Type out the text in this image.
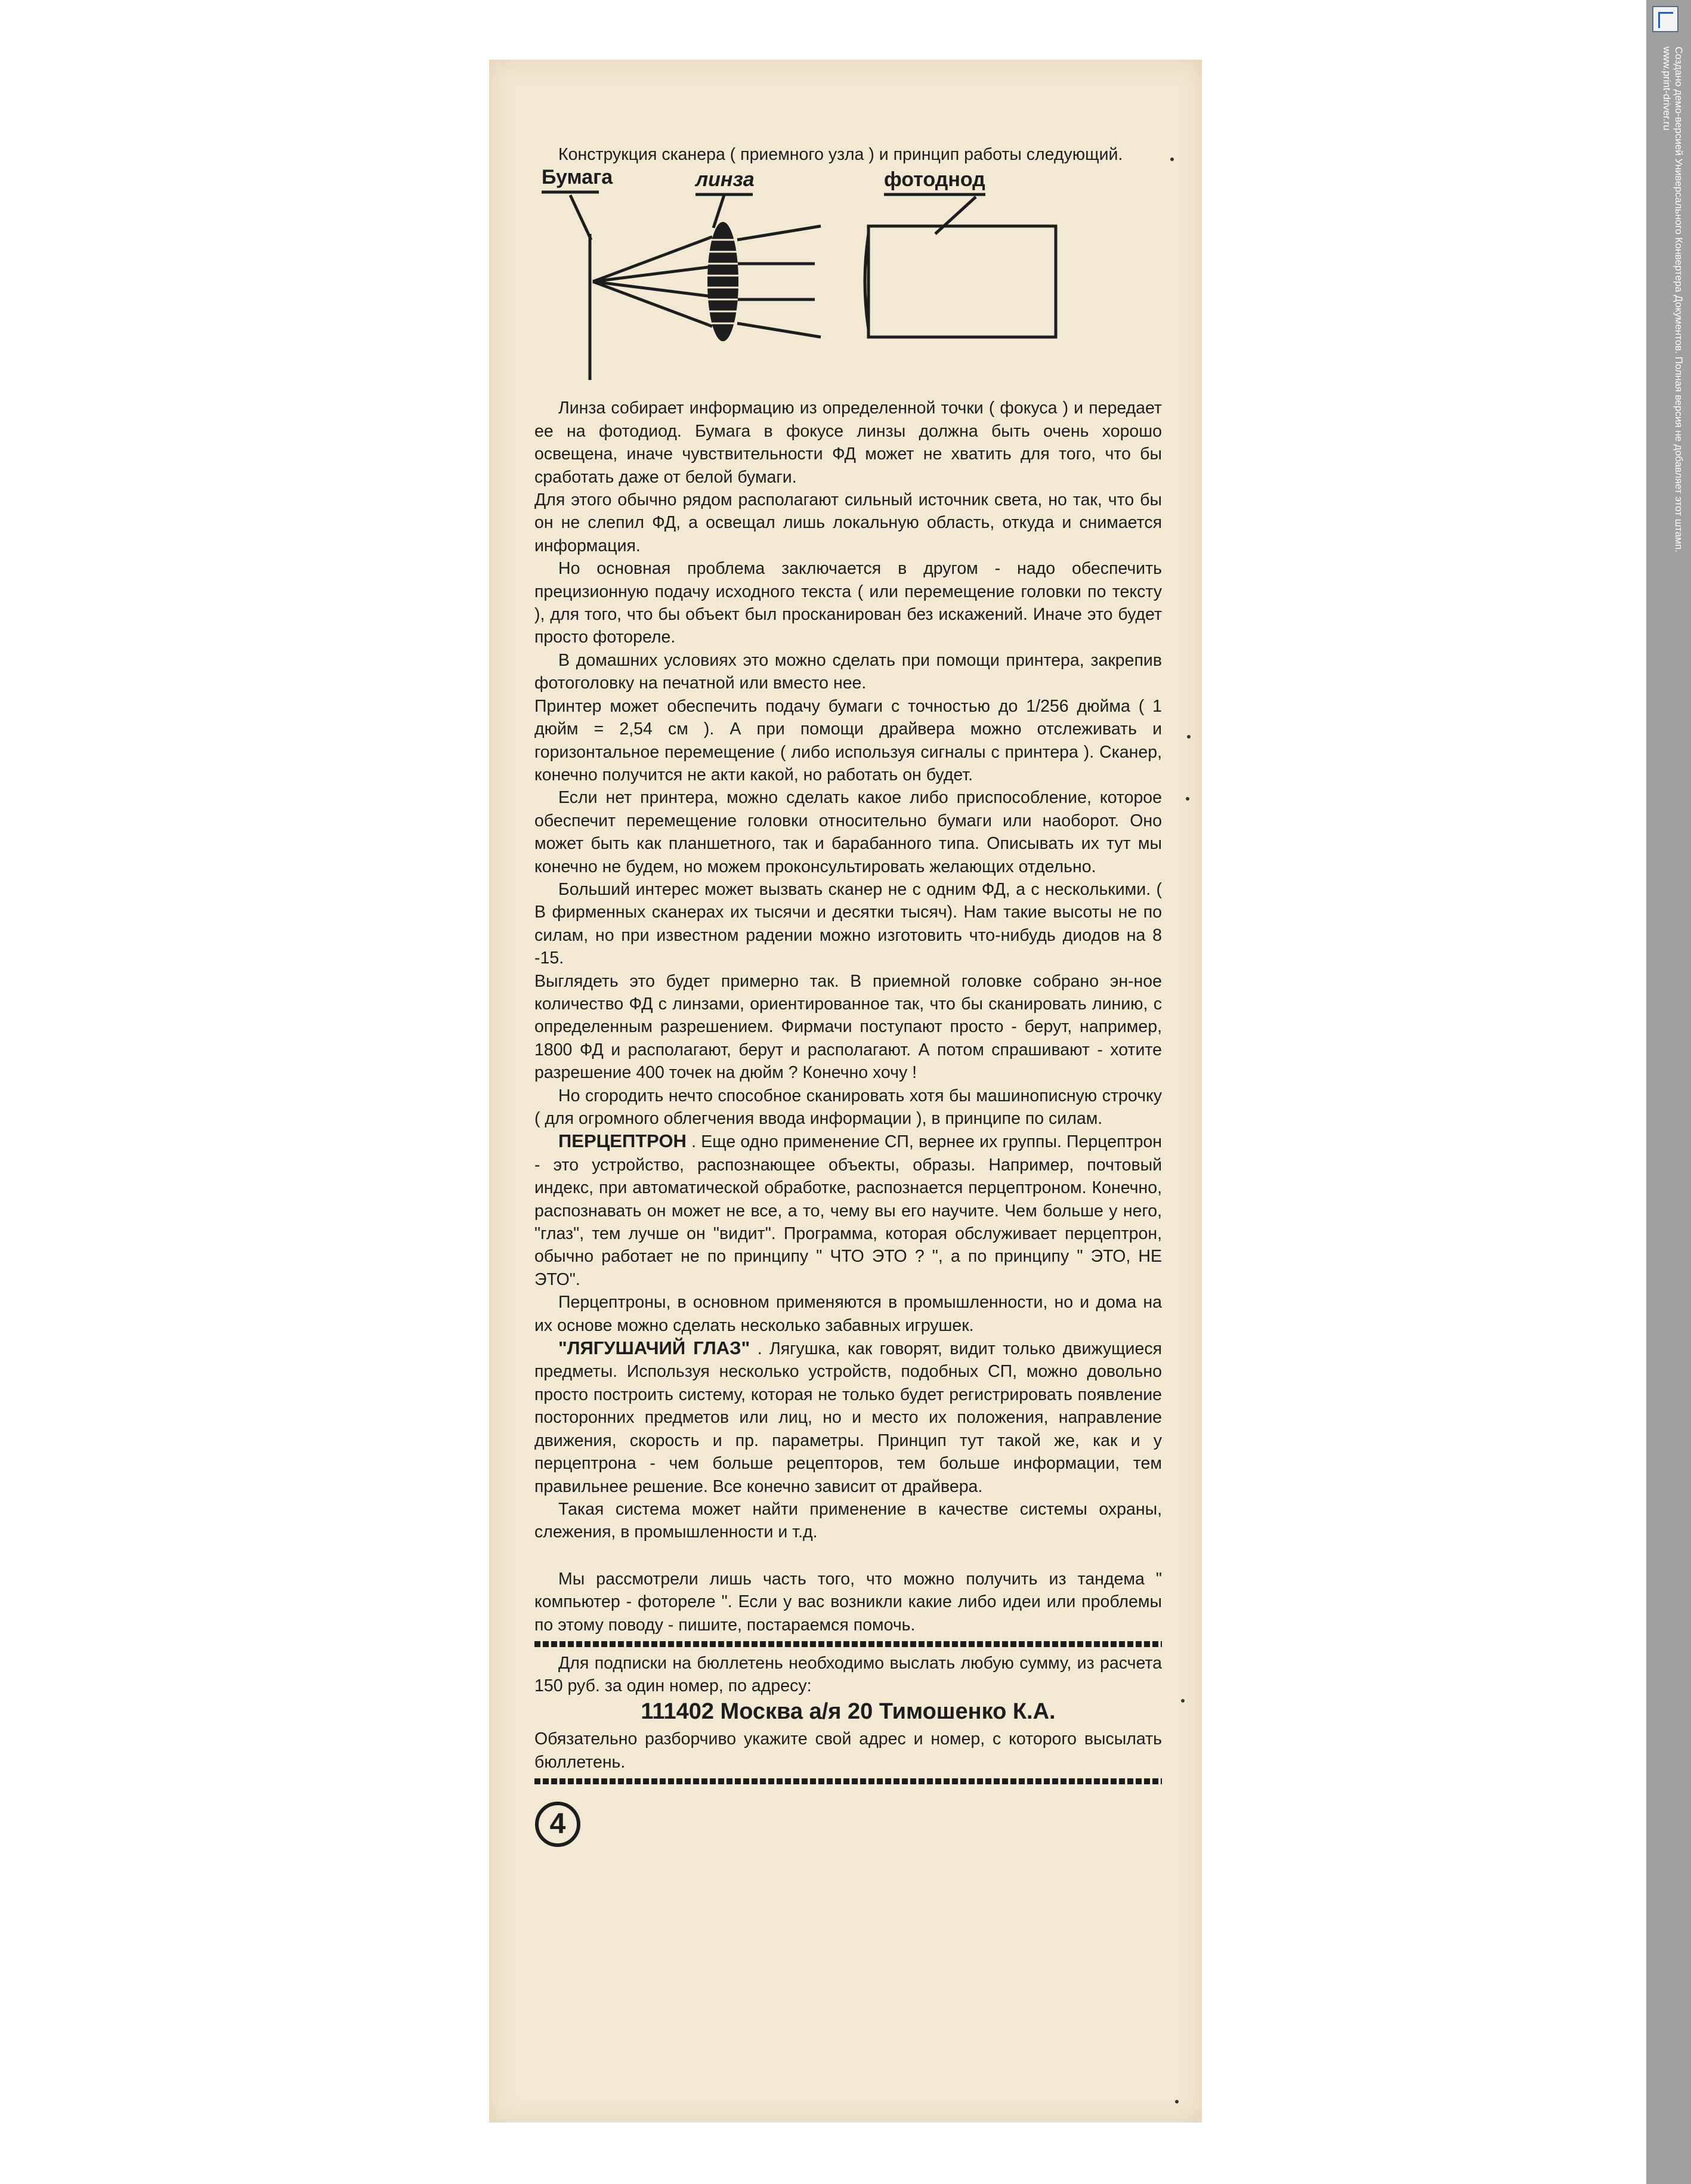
Конструкция сканера ( приемного узла ) и принцип работы следующий.

Бумага	линза	фотоднод

Линза собирает информацию из определенной точки ( фокуса ) и передает ее на фотодиод. Бумага в фокусе линзы должна быть очень хорошо освещена, иначе чувствительности ФД может не хватить для того, что бы сработать даже от белой бумаги.

Для этого обычно рядом располагают сильный источник света, но так, что бы он не слепил ФД, а освещал лишь локальную область, откуда и снимается информация.

Но основная проблема заключается в другом - надо обеспечить прецизионную подачу исходного текста ( или перемещение головки по тексту ), для того, что бы объект был просканирован без искажений. Иначе это будет просто фотореле.

В домашних условиях это можно сделать при помощи принтера, закрепив фотоголовку на печатной или вместо нее.

Принтер может обеспечить подачу бумаги с точностью до 1/256 дюйма ( 1 дюйм = 2,54 см ). А при помощи драйвера можно отслеживать и горизонтальное перемещение ( либо используя сигналы с принтера ). Сканер, конечно получится не акти какой, но работать он будет.

Если нет принтера, можно сделать какое либо приспособление, которое обеспечит перемещение головки относительно бумаги или наоборот. Оно может быть как планшетного, так и барабанного типа. Описывать их тут мы конечно не будем, но можем проконсультировать желающих отдельно.

Больший интерес может вызвать сканер не с одним ФД, а с несколькими. ( В фирменных сканерах их тысячи и десятки тысяч). Нам такие высоты не по силам, но при известном радении можно изготовить что-нибудь диодов на 8 -15.

Выглядеть это будет примерно так. В приемной головке собрано эн-ное количество ФД с линзами, ориентированное так, что бы сканировать линию, с определенным разрешением. Фирмачи поступают просто - берут, например, 1800 ФД и располагают, берут и располагают. А потом спрашивают - хотите разрешение 400 точек на дюйм ? Конечно хочу !

Но сгородить нечто способное сканировать хотя бы машинописную строчку ( для огромного облегчения ввода информации ), в принципе по силам.

ПЕРЦЕПТРОН . Еще одно применение СП, вернее их группы. Перцептрон - это устройство, распознающее объекты, образы. Например, почтовый индекс, при автоматической обработке, распознается перцептроном. Конечно, распознавать он может не все, а то, чему вы его научите. Чем больше у него, "глаз", тем лучше он "видит". Программа, которая обслуживает перцептрон, обычно работает не по принципу " ЧТО ЭТО ? ", а по принципу " ЭТО, НЕ ЭТО".

Перцептроны, в основном применяются в промышленности, но и дома на их основе можно сделать несколько забавных игрушек.

"ЛЯГУШАЧИЙ ГЛАЗ" . Лягушка, как говорят, видит только движущиеся предметы. Используя несколько устройств, подобных СП, можно довольно просто построить систему, которая не только будет регистрировать появление посторонних предметов или лиц, но и место их положения, направление движения, скорость и пр. параметры. Принцип тут такой же, как и у перцептрона - чем больше рецепторов, тем больше информации, тем правильнее решение. Все конечно зависит от драйвера.

Такая система может найти применение в качестве системы охраны, слежения, в промышленности и т.д.

Мы рассмотрели лишь часть того, что можно получить из тандема " компьютер - фотореле ". Если у вас возникли какие либо идеи или проблемы по этому поводу - пишите, постараемся помочь.

Для подписки на бюллетень необходимо выслать любую сумму, из расчета 150 руб. за один номер, по адресу:

111402 Москва а/я 20 Тимошенко К.А.

Обязательно разборчиво укажите свой адрес и номер, с которого высылать бюллетень.

4
Создано демо-версией Универсального Конвертера Документов. Полная версия не добавляет этот штамп.
www.print-driver.ru
